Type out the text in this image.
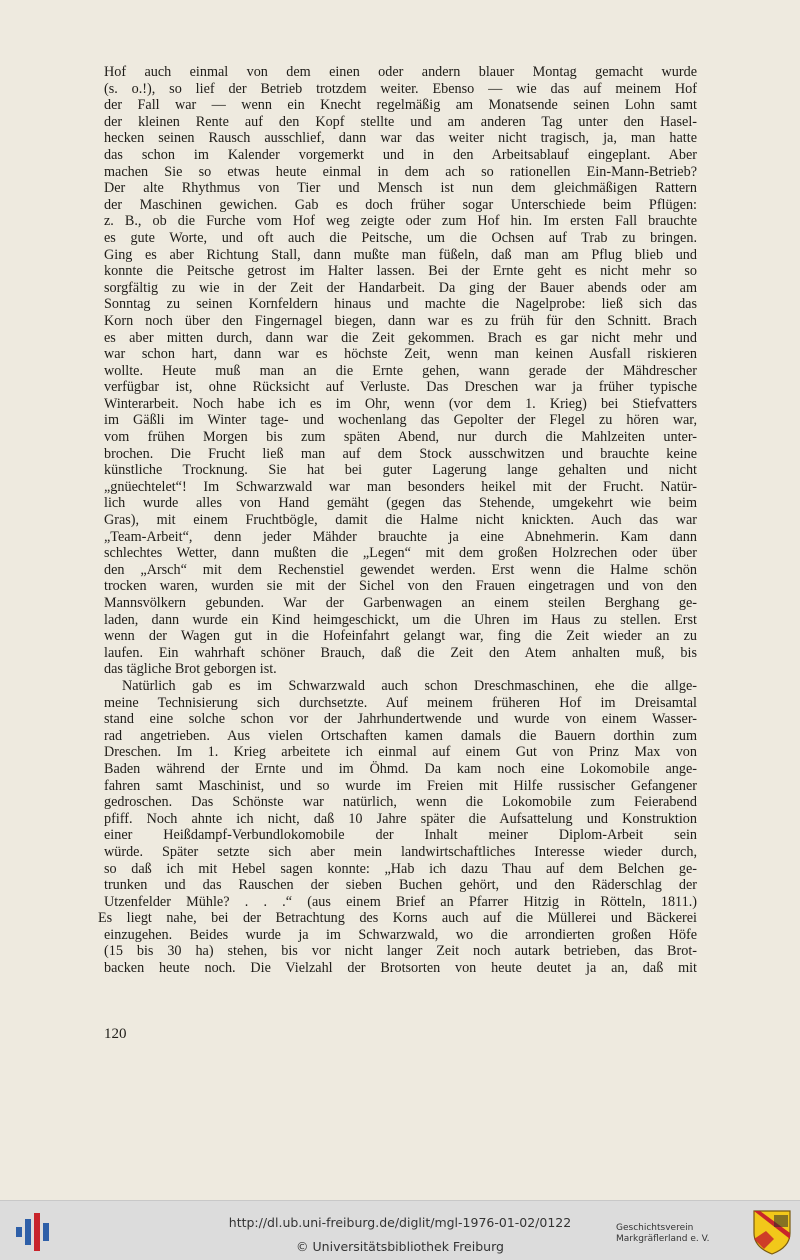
Hof auch einmal von dem einen oder andern blauer Montag gemacht wurde
(s. o.!), so lief der Betrieb trotzdem weiter. Ebenso — wie das auf meinem Hof
der Fall war — wenn ein Knecht regelmäßig am Monatsende seinen Lohn samt
der kleinen Rente auf den Kopf stellte und am anderen Tag unter den Hasel-
hecken seinen Rausch ausschlief, dann war das weiter nicht tragisch, ja, man hatte
das schon im Kalender vorgemerkt und in den Arbeitsablauf eingeplant. Aber
machen Sie so etwas heute einmal in dem ach so rationellen Ein-Mann-Betrieb?
Der alte Rhythmus von Tier und Mensch ist nun dem gleichmäßigen Rattern
der Maschinen gewichen. Gab es doch früher sogar Unterschiede beim Pflügen:
z. B., ob die Furche vom Hof weg zeigte oder zum Hof hin. Im ersten Fall brauchte
es gute Worte, und oft auch die Peitsche, um die Ochsen auf Trab zu bringen.
Ging es aber Richtung Stall, dann mußte man füßeln, daß man am Pflug blieb und
konnte die Peitsche getrost im Halter lassen. Bei der Ernte geht es nicht mehr so
sorgfältig zu wie in der Zeit der Handarbeit. Da ging der Bauer abends oder am
Sonntag zu seinen Kornfeldern hinaus und machte die Nagelprobe: ließ sich das
Korn noch über den Fingernagel biegen, dann war es zu früh für den Schnitt. Brach
es aber mitten durch, dann war die Zeit gekommen. Brach es gar nicht mehr und
war schon hart, dann war es höchste Zeit, wenn man keinen Ausfall riskieren
wollte. Heute muß man an die Ernte gehen, wann gerade der Mähdrescher
verfügbar ist, ohne Rücksicht auf Verluste. Das Dreschen war ja früher typische
Winterarbeit. Noch habe ich es im Ohr, wenn (vor dem 1. Krieg) bei Stiefvatters
im Gäßli im Winter tage- und wochenlang das Gepolter der Flegel zu hören war,
vom frühen Morgen bis zum späten Abend, nur durch die Mahlzeiten unter-
brochen. Die Frucht ließ man auf dem Stock ausschwitzen und brauchte keine
künstliche Trocknung. Sie hat bei guter Lagerung lange gehalten und nicht
„gnüechtelet“! Im Schwarzwald war man besonders heikel mit der Frucht. Natür-
lich wurde alles von Hand gemäht (gegen das Stehende, umgekehrt wie beim
Gras), mit einem Fruchtbögle, damit die Halme nicht knickten. Auch das war
„Team-Arbeit“, denn jeder Mähder brauchte ja eine Abnehmerin. Kam dann
schlechtes Wetter, dann mußten die „Legen“ mit dem großen Holzrechen oder über
den „Arsch“ mit dem Rechenstiel gewendet werden. Erst wenn die Halme schön
trocken waren, wurden sie mit der Sichel von den Frauen eingetragen und von den
Mannsvölkern gebunden. War der Garbenwagen an einem steilen Berghang ge-
laden, dann wurde ein Kind heimgeschickt, um die Uhren im Haus zu stellen. Erst
wenn der Wagen gut in die Hofeinfahrt gelangt war, fing die Zeit wieder an zu
laufen. Ein wahrhaft schöner Brauch, daß die Zeit den Atem anhalten muß, bis
das tägliche Brot geborgen ist.
Natürlich gab es im Schwarzwald auch schon Dreschmaschinen, ehe die allge-
meine Technisierung sich durchsetzte. Auf meinem früheren Hof im Dreisamtal
stand eine solche schon vor der Jahrhundertwende und wurde von einem Wasser-
rad angetrieben. Aus vielen Ortschaften kamen damals die Bauern dorthin zum
Dreschen. Im 1. Krieg arbeitete ich einmal auf einem Gut von Prinz Max von
Baden während der Ernte und im Öhmd. Da kam noch eine Lokomobile ange-
fahren samt Maschinist, und so wurde im Freien mit Hilfe russischer Gefangener
gedroschen. Das Schönste war natürlich, wenn die Lokomobile zum Feierabend
pfiff. Noch ahnte ich nicht, daß 10 Jahre später die Aufsattelung und Konstruktion
einer Heißdampf-Verbundlokomobile der Inhalt meiner Diplom-Arbeit sein
würde. Später setzte sich aber mein landwirtschaftliches Interesse wieder durch,
so daß ich mit Hebel sagen konnte: „Hab ich dazu Thau auf dem Belchen ge-
trunken und das Rauschen der sieben Buchen gehört, und den Räderschlag der
Utzenfelder Mühle? . . .“ (aus einem Brief an Pfarrer Hitzig in Rötteln, 1811.)
Es liegt nahe, bei der Betrachtung des Korns auch auf die Müllerei und Bäckerei
einzugehen. Beides wurde ja im Schwarzwald, wo die arrondierten großen Höfe
(15 bis 30 ha) stehen, bis vor nicht langer Zeit noch autark betrieben, das Brot-
backen heute noch. Die Vielzahl der Brotsorten von heute deutet ja an, daß mit
120
http://dl.ub.uni-freiburg.de/diglit/mgl-1976-01-02/0122
© Universitätsbibliothek Freiburg
Geschichtsverein
Markgräflerland e. V.
